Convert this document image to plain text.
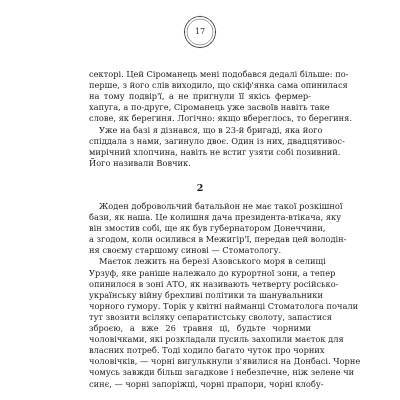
17
секторі. Цей Сіроманець мені подобався дедалі більше: по-
перше, з його слів виходило, що скіф'янка сама опинилася
на тому подвір'ї, а не пригнули її якісь фермер-
хапуга, а по-друге, Сіроманець уже засвоїв навіть таке
слове, як берегиня. Логічно: якщо вбереглось, то берегиня.
Уже на базі я дізнався, що в 23-й бригаді, яка його
спіддала з нами, загинуло двоє. Один із них, двадцятивос-
мирічний хлопчина, навіть не встиг узяти собі позивний.
Його називали Вовчик.
2
Жоден добровольчий батальйон не має такої розкішної
бази, як наша. Це колишня дача президента-втікача, яку
він змостив собі, ще як був губернатором Донеччини,
а згодом, коли осилився в Межигір'ї, передав цей володін-
ня своєму старшому синові — Стоматологу.
Маєток лежить на березі Азовського моря в селищі
Урзуф, яке раніше належало до курортної зони, а тепер
опинилося в зоні АТО, як називають четверту російсько-
українську війну брехливі політики та шанувальники
чорного гумору. Торік у квітні найманці Стоматолога почали
тут звозити всіляку сепаратистську сволоту, запастися
зброєю, а вже 26 травня ці, будьте чорними
чоловічками, які розкладали пусиль захопили маєток для
власних потреб. Тоді ходило багато чуток про чорних
чоловічків, — чорні вигулькнули з'явилися на Донбасі. Чорне
чомусь завжди більш загадкове і небезпечне, ніж зелене чи
синє, — чорні запоріжці, чорні прапори, чорні клобу-
